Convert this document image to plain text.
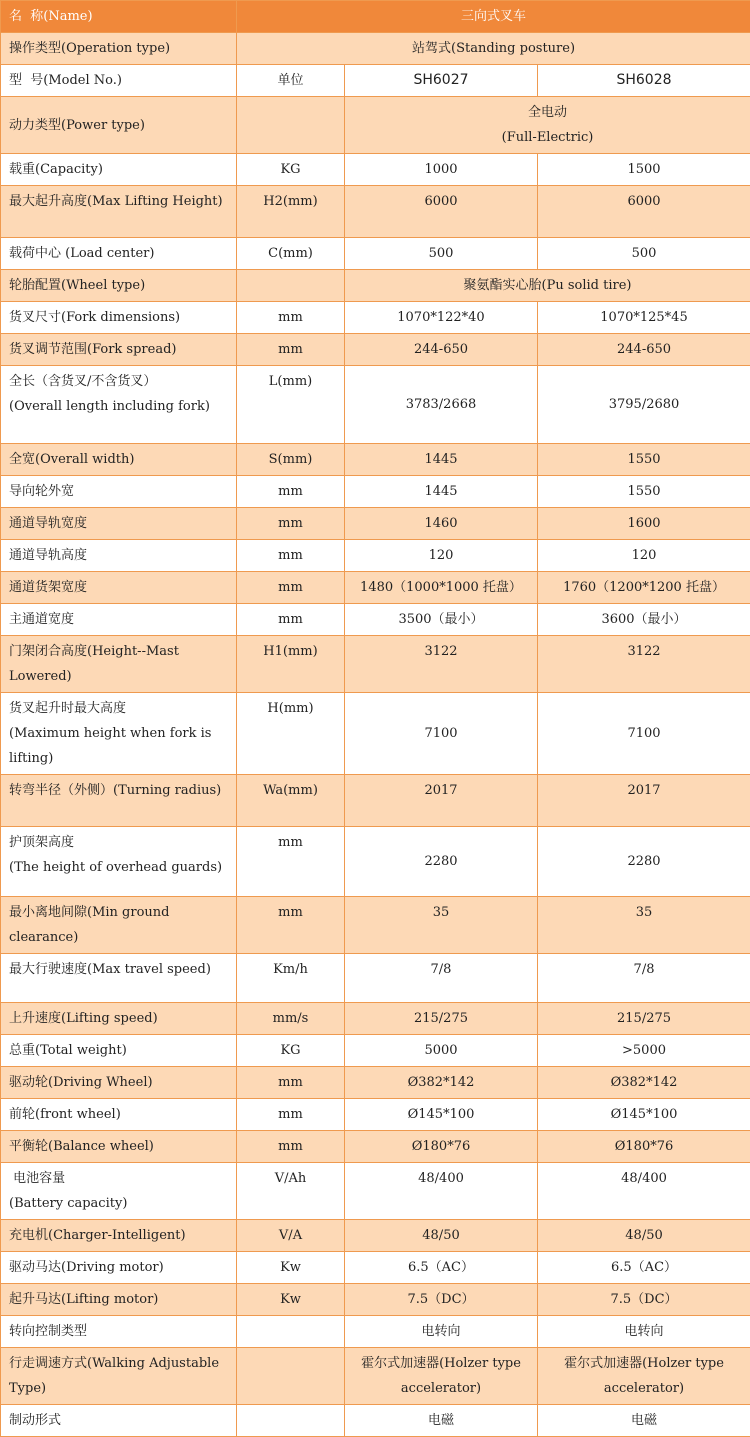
名  称(Name)	三向式叉车		
操作类型(Operation type)	站驾式(Standing posture)		
型  号(Model No.)	单位	SH6027	SH6028
动力类型(Power type)		全电动
(Full-Electric)	

载重(Capacity)	KG	1000	1500
最大起升高度(Max Lifting Height)	H2(mm)	6000	6000
载荷中心 (Load center)	C(mm)	500	500
轮胎配置(Wheel type)		聚氨酯实心胎(Pu solid tire)	
货叉尺寸(Fork dimensions)	mm	1070*122*40	1070*125*45
货叉调节范围(Fork spread)	mm	244-650	244-650

全长（含货叉/不含货叉）
(Overall length including fork)	L(mm)	3783/2668	3795/2680
全宽(Overall width)	S(mm)	1445	1550
导向轮外宽	mm	1445	1550
通道导轨宽度	mm	1460	1600
通道导轨高度	mm	120	120
通道货架宽度	mm	1480（1000*1000 托盘）	1760（1200*1200 托盘）
主通道宽度	mm	3500（最小）	3600（最小）
门架闭合高度(Height--Mast Lowered)	H1(mm)	3122	3122

货叉起升时最大高度
(Maximum height when fork is lifting)	H(mm)	7100	7100
转弯半径（外侧）(Turning radius)	Wa(mm)	2017	2017

护顶架高度
(The height of overhead guards)	mm	2280	2280
最小离地间隙(Min ground clearance)	mm	35	35
最大行驶速度(Max travel speed)	Km/h	7/8	7/8
上升速度(Lifting speed)	mm/s	215/275	215/275
总重(Total weight)	KG	5000	>5000
驱动轮(Driving Wheel)	mm	Ø382*142	Ø382*142
前轮(front wheel)	mm	Ø145*100	Ø145*100
平衡轮(Balance wheel)	mm	Ø180*76	Ø180*76

电池容量
(Battery capacity)	V/Ah	48/400	48/400
充电机(Charger-Intelligent)	V/A	48/50	48/50
驱动马达(Driving motor)	Kw	6.5（AC）	6.5（AC）
起升马达(Lifting motor)	Kw	7.5（DC）	7.5（DC）
转向控制类型		电转向	电转向
行走调速方式(Walking Adjustable Type)		霍尔式加速器(Holzer type accelerator)	霍尔式加速器(Holzer type accelerator)
制动形式		电磁	电磁
